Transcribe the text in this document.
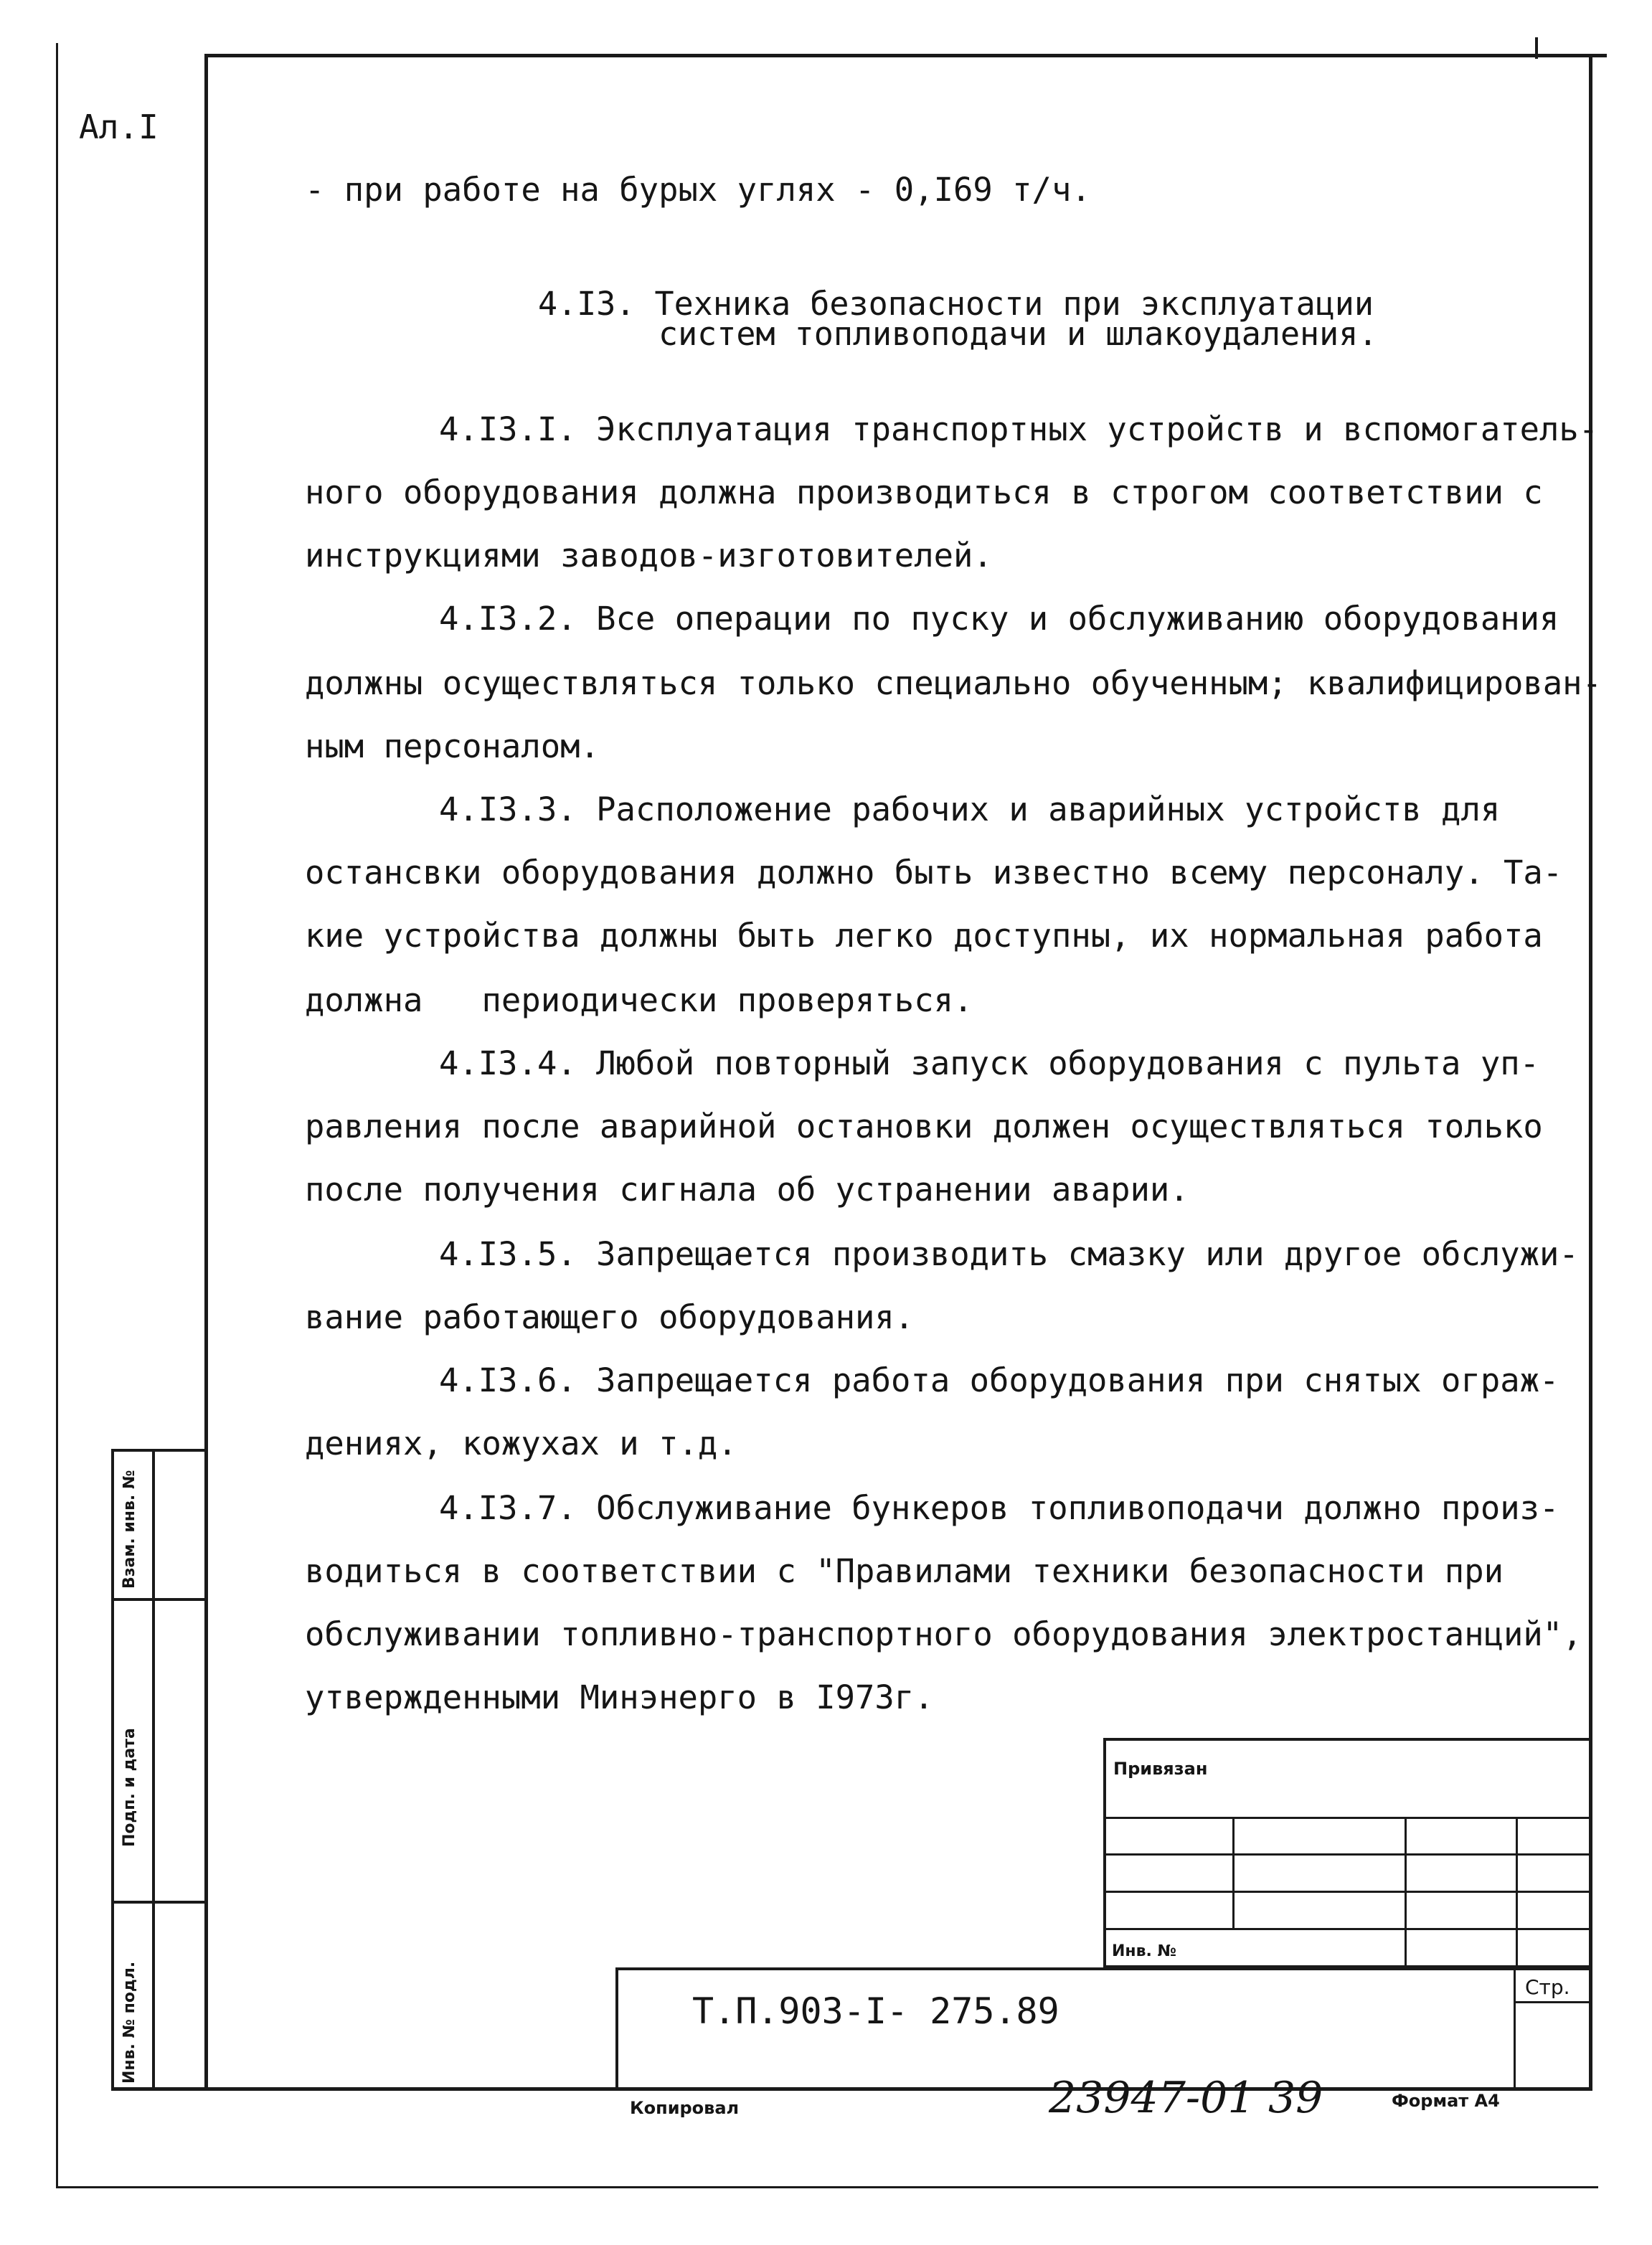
Ал.I
- при работе на бурых углях - 0,I69 т/ч.
4.I3. Техника безопасности при эксплуатации
систем топливоподачи и шлакоудаления.
4.I3.I. Эксплуатация транспортных устройств и вспомогатель-
ного оборудования должна производиться в строгом соответствии с
инструкциями заводов-изготовителей.
4.I3.2. Все операции по пуску и обслуживанию оборудования
должны осуществляться только специально обученным; квалифицирован-
ным персоналом.
4.I3.3. Расположение рабочих и аварийных устройств для
останcвки оборудования должно быть известно всему персоналу. Та-
кие устройства должны быть легко доступны, их нормальная работа
должна   периодически проверяться.
4.I3.4. Любой повторный запуск оборудования с пульта уп-
равления после аварийной остановки должен осуществляться только
после получения сигнала об устранении аварии.
4.I3.5. Запрещается производить смазку или другое обслужи-
вание работающего оборудования.
4.I3.6. Запрещается работа оборудования при снятых ограж-
дениях, кожухах и т.д.
4.I3.7. Обслуживание бункеров топливоподачи должно произ-
водиться в соответствии с "Правилами техники безопасности при
обслуживании топливно-транспортного оборудования электростанций",
утвержденными Минэнерго в I973г.
Привязан
Инв. №
Стр.
Т.П.903-I- 275.89
Копировал	23947-01 39	Формат А4
Взам. инв. №
Подп. и дата
Инв. № подл.
